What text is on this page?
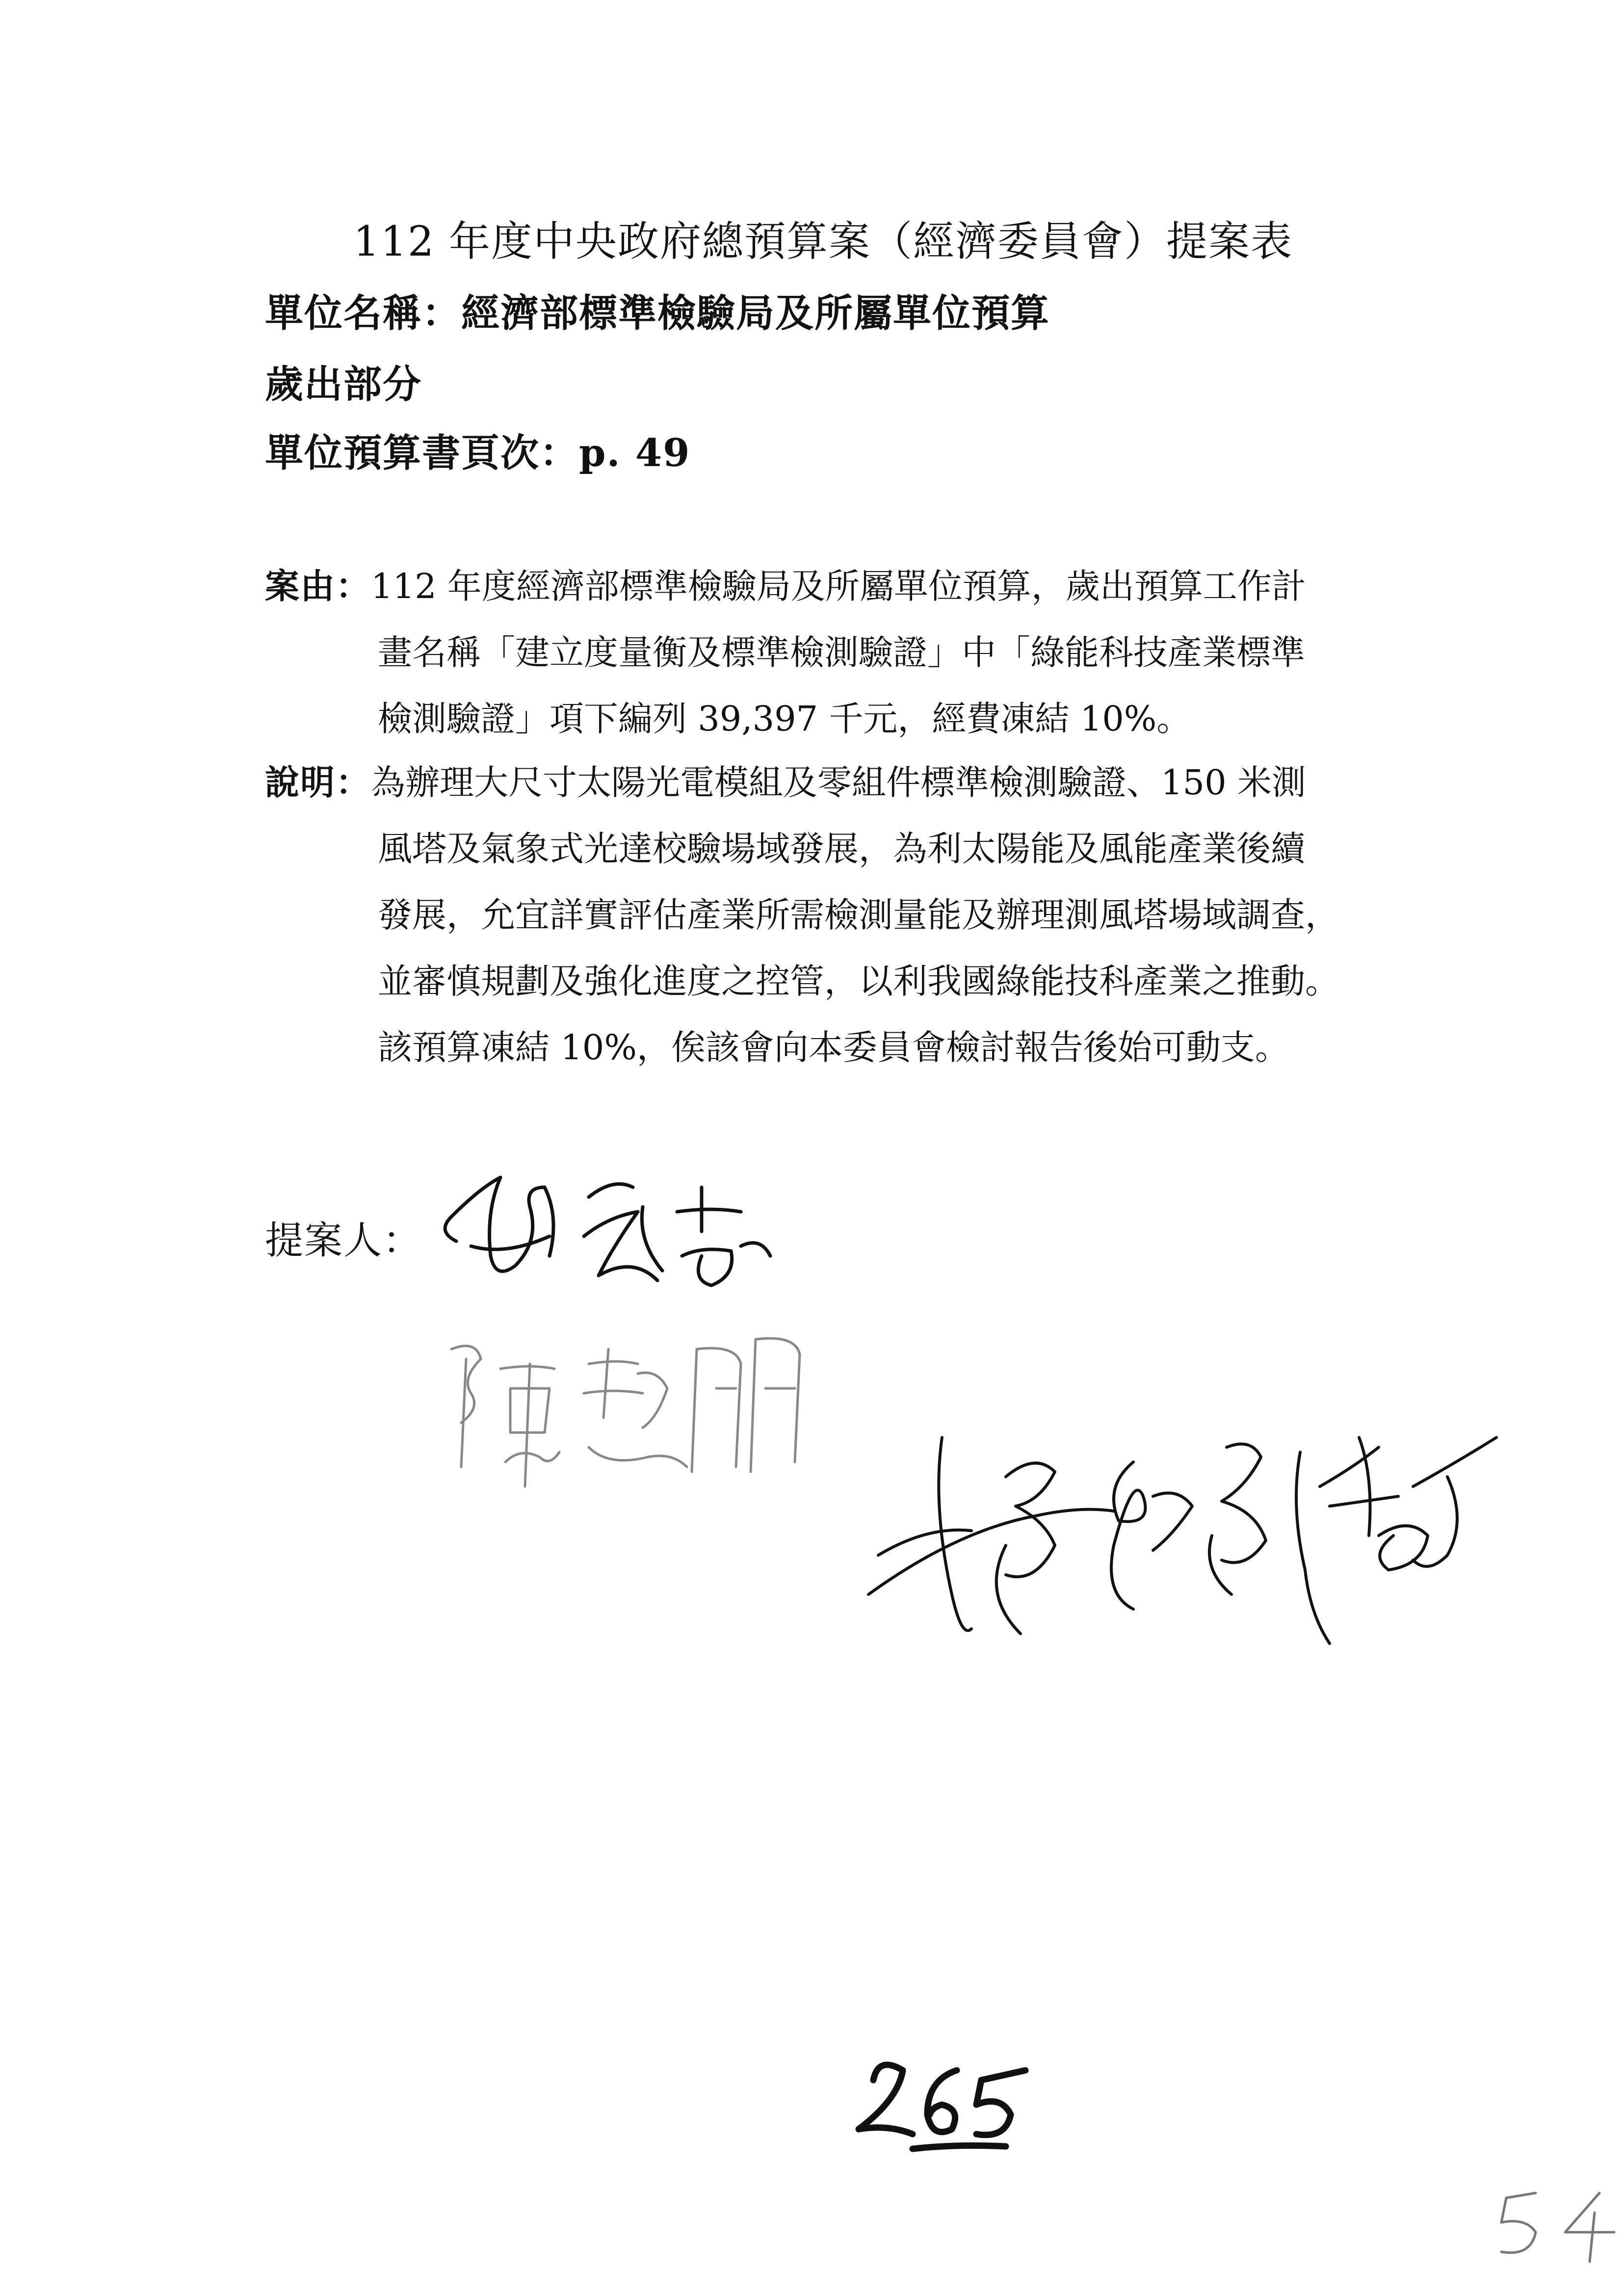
112 年度中央政府總預算案（經濟委員會）提案表
單位名稱：經濟部標準檢驗局及所屬單位預算
歲出部分
單位預算書頁次：p. 49
案由：112 年度經濟部標準檢驗局及所屬單位預算，歲出預算工作計
畫名稱「建立度量衡及標準檢測驗證」中「綠能科技產業標準
檢測驗證」項下編列 39,397 千元，經費凍結 10%。
說明：為辦理大尺寸太陽光電模組及零組件標準檢測驗證、150 米測
風塔及氣象式光達校驗場域發展，為利太陽能及風能產業後續
發展，允宜詳實評估產業所需檢測量能及辦理測風塔場域調查，
並審慎規劃及強化進度之控管，以利我國綠能技科產業之推動。
該預算凍結 10%，俟該會向本委員會檢討報告後始可動支。
提案人：
